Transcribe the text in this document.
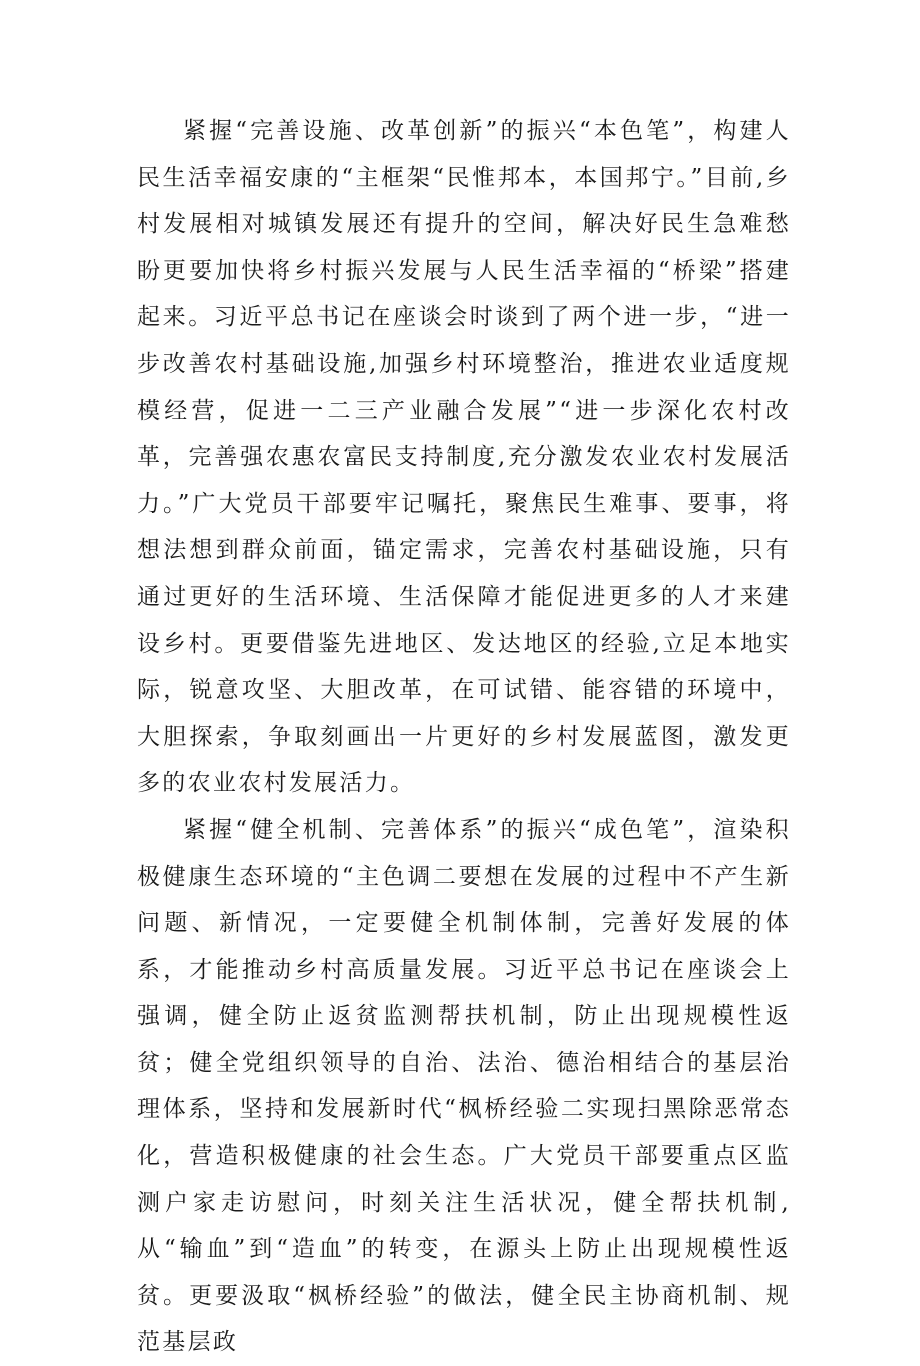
紧握“完善设施、改革创新”的振兴“本色笔”，构建人民生活幸福安康的“主框架“民惟邦本，本国邦宁。”目前,乡村发展相对城镇发展还有提升的空间，解决好民生急难愁盼更要加快将乡村振兴发展与人民生活幸福的“桥梁”搭建起来。习近平总书记在座谈会时谈到了两个进一步，“进一步改善农村基础设施,加强乡村环境整治，推进农业适度规模经营，促进一二三产业融合发展”“进一步深化农村改革，完善强农惠农富民支持制度,充分激发农业农村发展活力。”广大党员干部要牢记嘱托，聚焦民生难事、要事，将想法想到群众前面，锚定需求，完善农村基础设施，只有通过更好的生活环境、生活保障才能促进更多的人才来建设乡村。更要借鉴先进地区、发达地区的经验,立足本地实际，锐意攻坚、大胆改革，在可试错、能容错的环境中，大胆探索，争取刻画出一片更好的乡村发展蓝图，激发更多的农业农村发展活力。

紧握“健全机制、完善体系”的振兴“成色笔”，渲染积极健康生态环境的“主色调二要想在发展的过程中不产生新问题、新情况，一定要健全机制体制，完善好发展的体系，才能推动乡村高质量发展。习近平总书记在座谈会上强调，健全防止返贫监测帮扶机制，防止出现规模性返贫；健全党组织领导的自治、法治、德治相结合的基层治理体系，坚持和发展新时代“枫桥经验二实现扫黑除恶常态化，营造积极健康的社会生态。广大党员干部要重点区监测户家走访慰问，时刻关注生活状况，健全帮扶机制,从“输血”到“造血”的转变，在源头上防止出现规模性返贫。更要汲取“枫桥经验”的做法，健全民主协商机制、规范基层政
